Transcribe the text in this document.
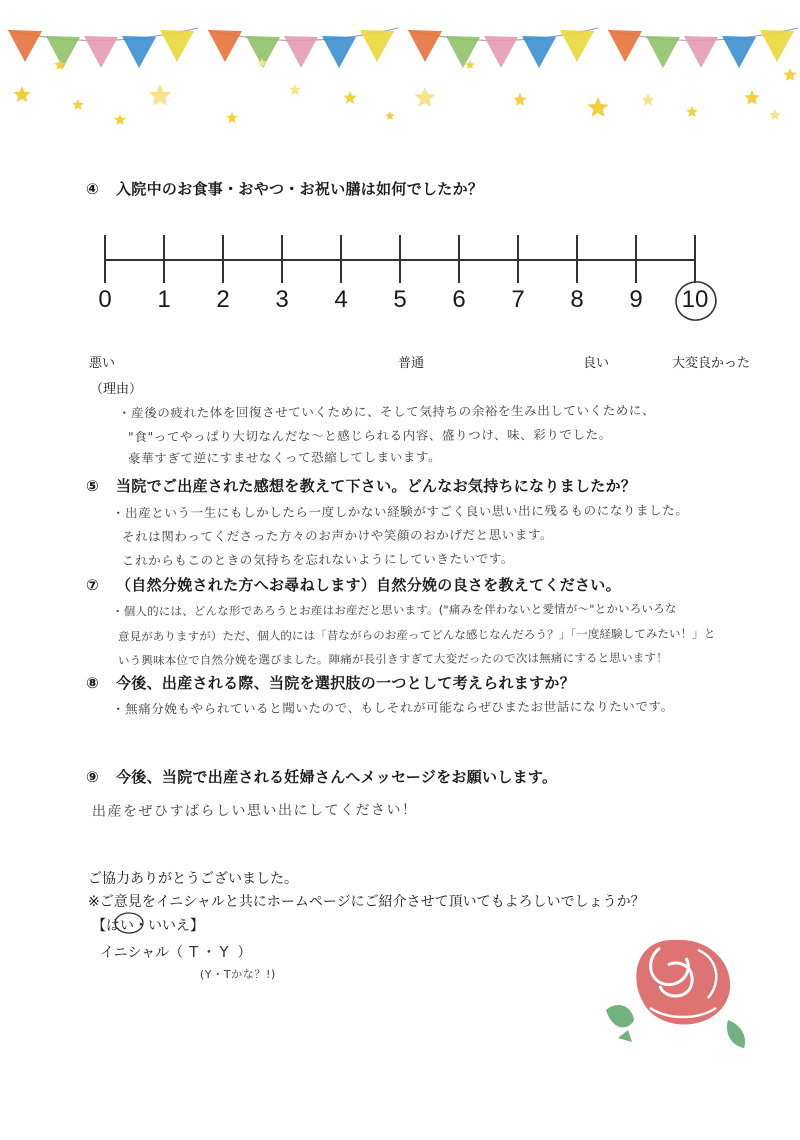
④ 入院中のお食事・おやつ・お祝い膳は如何でしたか？
0	1	2	3	4	5	6	7	8	9	10
悪い	普通	良い	大変良かった
（理由）
・産後の疲れた体を回復させていくために、そして気持ちの余裕を生み出していくために、
"食"ってやっぱり大切なんだな〜と感じられる内容、盛りつけ、味、彩りでした。
豪華すぎて逆にすませなくって恐縮してしまいます。
⑤ 当院でご出産された感想を教えて下さい。どんなお気持ちになりましたか？
・出産という一生にもしかしたら一度しかない経験がすごく良い思い出に残るものになりました。
それは関わってくださった方々のお声かけや笑顔のおかげだと思います。
これからもこのときの気持ちを忘れないようにしていきたいです。
⑦ （自然分娩された方へお尋ねします）自然分娩の良さを教えてください。
・個人的には、どんな形であろうとお産はお産だと思います。("痛みを伴わないと愛情が〜"とかいろいろな
意見がありますが）ただ、個人的には「昔ながらのお産ってどんな感じなんだろう？」「一度経験してみたい！」と
いう興味本位で自然分娩を選びました。陣痛が長引きすぎて大変だったので次は無痛にすると思います！
⑧ 今後、出産される際、当院を選択肢の一つとして考えられますか？
・無痛分娩もやられていると聞いたので、もしそれが可能ならぜひまたお世話になりたいです。
⑨ 今後、当院で出産される妊婦さんへメッセージをお願いします。
出産をぜひすばらしい思い出にしてください！
ご協力ありがとうございました。
※ご意見をイニシャルと共にホームページにご紹介させて頂いてもよろしいでしょうか？
【はい・いいえ】
イニシャル（ T・Y ）
(Y・Tかな？!)
